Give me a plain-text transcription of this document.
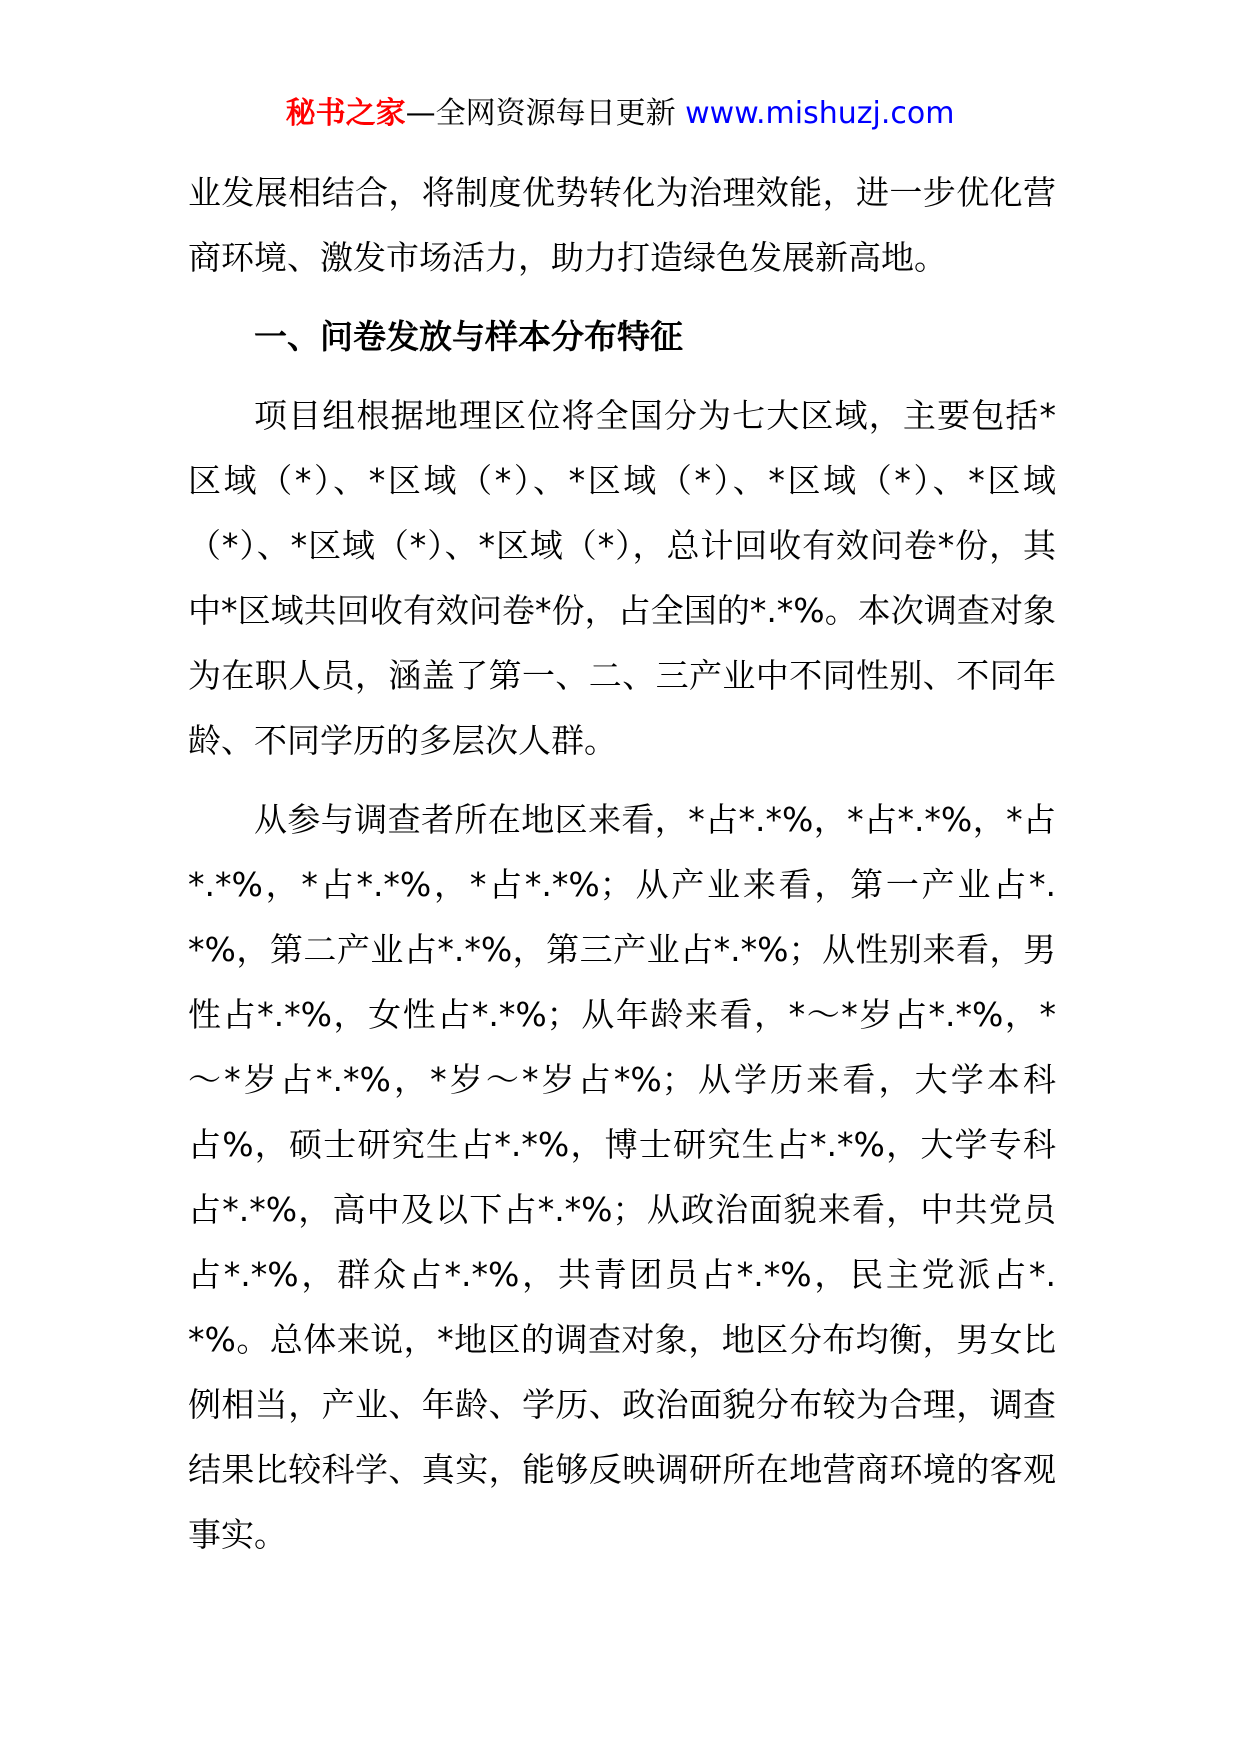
秘书之家—全网资源每日更新 www.mishuzj.com

业发展相结合，将制度优势转化为治理效能，进一步优化营商环境、激发市场活力，助力打造绿色发展新高地。

一、问卷发放与样本分布特征

项目组根据地理区位将全国分为七大区域，主要包括*区域（*）、*区域（*）、*区域（*）、*区域（*）、*区域（*）、*区域（*）、*区域（*），总计回收有效问卷*份，其中*区域共回收有效问卷*份，占全国的*.*%。本次调查对象为在职人员，涵盖了第一、二、三产业中不同性别、不同年龄、不同学历的多层次人群。

从参与调查者所在地区来看，*占*.*%，*占*.*%，*占*.*%，*占*.*%，*占*.*%；从产业来看，第一产业占*.*%，第二产业占*.*%，第三产业占*.*%；从性别来看，男性占*.*%，女性占*.*%；从年龄来看，*～*岁占*.*%，*～*岁占*.*%，*岁～*岁占*%；从学历来看，大学本科占%，硕士研究生占*.*%，博士研究生占*.*%，大学专科占*.*%，高中及以下占*.*%；从政治面貌来看，中共党员占*.*%，群众占*.*%，共青团员占*.*%，民主党派占*.*%。总体来说，*地区的调查对象，地区分布均衡，男女比例相当，产业、年龄、学历、政治面貌分布较为合理，调查结果比较科学、真实，能够反映调研所在地营商环境的客观事实。
